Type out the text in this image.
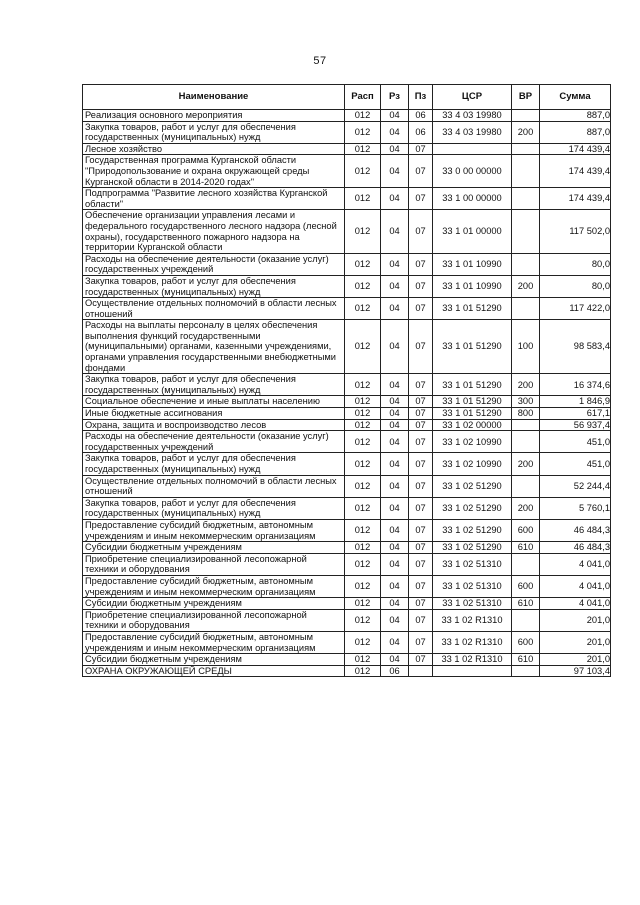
57
Наименование	Расп	Рз	Пз	ЦСР	ВР	Сумма
Реализация основного мероприятия	012	04	06	33 4 03 19980		887,0
Закупка товаров, работ и услуг для обеспечения государственных (муниципальных) нужд	012	04	06	33 4 03 19980	200	887,0
Лесное хозяйство	012	04	07			174 439,4
Государственная программа Курганской области "Природопользование и охрана окружающей среды Курганской области в 2014-2020 годах"	012	04	07	33 0 00 00000		174 439,4
Подпрограмма "Развитие лесного хозяйства Курганской области"	012	04	07	33 1 00 00000		174 439,4
Обеспечение организации управления лесами и федерального государственного лесного надзора (лесной охраны), государственного пожарного надзора на территории Курганской области	012	04	07	33 1 01 00000		117 502,0
Расходы на обеспечение деятельности (оказание услуг) государственных учреждений	012	04	07	33 1 01 10990		80,0
Закупка товаров, работ и услуг для обеспечения государственных (муниципальных) нужд	012	04	07	33 1 01 10990	200	80,0
Осуществление отдельных полномочий в области лесных отношений	012	04	07	33 1 01 51290		117 422,0
Расходы на выплаты персоналу в целях обеспечения выполнения функций государственными (муниципальными) органами, казенными учреждениями, органами управления государственными внебюджетными фондами	012	04	07	33 1 01 51290	100	98 583,4
Закупка товаров, работ и услуг для обеспечения государственных (муниципальных) нужд	012	04	07	33 1 01 51290	200	16 374,6
Социальное обеспечение и иные выплаты населению	012	04	07	33 1 01 51290	300	1 846,9
Иные бюджетные ассигнования	012	04	07	33 1 01 51290	800	617,1
Охрана, защита и воспроизводство лесов	012	04	07	33 1 02 00000		56 937,4
Расходы на обеспечение деятельности (оказание услуг) государственных учреждений	012	04	07	33 1 02 10990		451,0
Закупка товаров, работ и услуг для обеспечения государственных (муниципальных) нужд	012	04	07	33 1 02 10990	200	451,0
Осуществление отдельных полномочий в области лесных отношений	012	04	07	33 1 02 51290		52 244,4
Закупка товаров, работ и услуг для обеспечения государственных (муниципальных) нужд	012	04	07	33 1 02 51290	200	5 760,1
Предоставление субсидий бюджетным, автономным учреждениям и иным некоммерческим организациям	012	04	07	33 1 02 51290	600	46 484,3
Субсидии бюджетным учреждениям	012	04	07	33 1 02 51290	610	46 484,3
Приобретение специализированной лесопожарной техники и оборудования	012	04	07	33 1 02 51310		4 041,0
Предоставление субсидий бюджетным, автономным учреждениям и иным некоммерческим организациям	012	04	07	33 1 02 51310	600	4 041,0
Субсидии бюджетным учреждениям	012	04	07	33 1 02 51310	610	4 041,0
Приобретение специализированной лесопожарной техники и оборудования	012	04	07	33 1 02 R1310		201,0
Предоставление субсидий бюджетным, автономным учреждениям и иным некоммерческим организациям	012	04	07	33 1 02 R1310	600	201,0
Субсидии бюджетным учреждениям	012	04	07	33 1 02 R1310	610	201,0
ОХРАНА ОКРУЖАЮЩЕЙ СРЕДЫ	012	06				97 103,4
